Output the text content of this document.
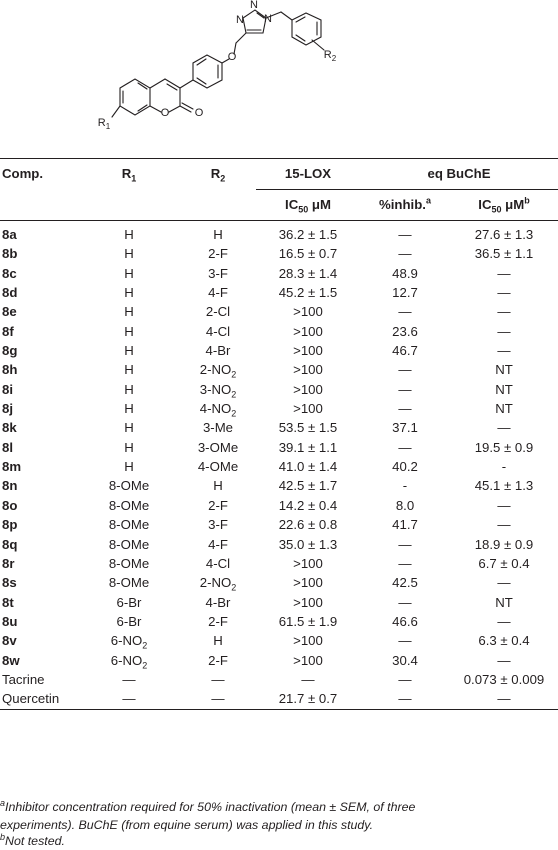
N
N N
O
O O
$R_1$
$R_2$
Comp.	$R_1$	$R_2$	15-LOX	eq BuChE	
			$IC_{50}$ μM	%inhib.$^a$	$IC_{50}$ $\mu M^b$
8a	H	H	36.2 ± 1.5	—	27.6 ± 1.3
8b	H	2-F	16.5 ± 0.7	—	36.5 ± 1.1
8c	H	3-F	28.3 ± 1.4	48.9	—
8d	H	4-F	45.2 ± 1.5	12.7	—
8e	H	2-Cl	>100	—	—
8f	H	4-Cl	>100	23.6	—
8g	H	4-Br	>100	46.7	—
8h	H	$2-NO_2$	>100	—	NT
8i	H	$3-NO_2$	>100	—	NT
8j	H	$4-NO_2$	>100	—	NT
8k	H	3-Me	53.5 ± 1.5	37.1	—
8l	H	3-OMe	39.1 ± 1.1	—	19.5 ± 0.9
8m	H	4-OMe	41.0 ± 1.4	40.2	-
8n	8-OMe	H	42.5 ± 1.7	-	45.1 ± 1.3
8o	8-OMe	2-F	14.2 ± 0.4	8.0	—
8p	8-OMe	3-F	22.6 ± 0.8	41.7	—
8q	8-OMe	4-F	35.0 ± 1.3	—	18.9 ± 0.9
8r	8-OMe	4-Cl	>100	—	6.7 ± 0.4
8s	8-OMe	$2-NO_2$	>100	42.5	—
8t	6-Br	4-Br	>100	—	NT
8u	6-Br	2-F	61.5 ± 1.9	46.6	—
8v	$6-NO_2$	H	>100	—	6.3 ± 0.4
8w	$6-NO_2$	2-F	>100	30.4	—
Tacrine	—	—	—	—	0.073 ± 0.009
Quercetin	—	—	21.7 ± 0.7	—	—
$^a$Inhibitor concentration required for 50% inactivation (mean ± SEM, of three
experiments). BuChE (from equine serum) was applied in this study.
$^b$Not tested.
